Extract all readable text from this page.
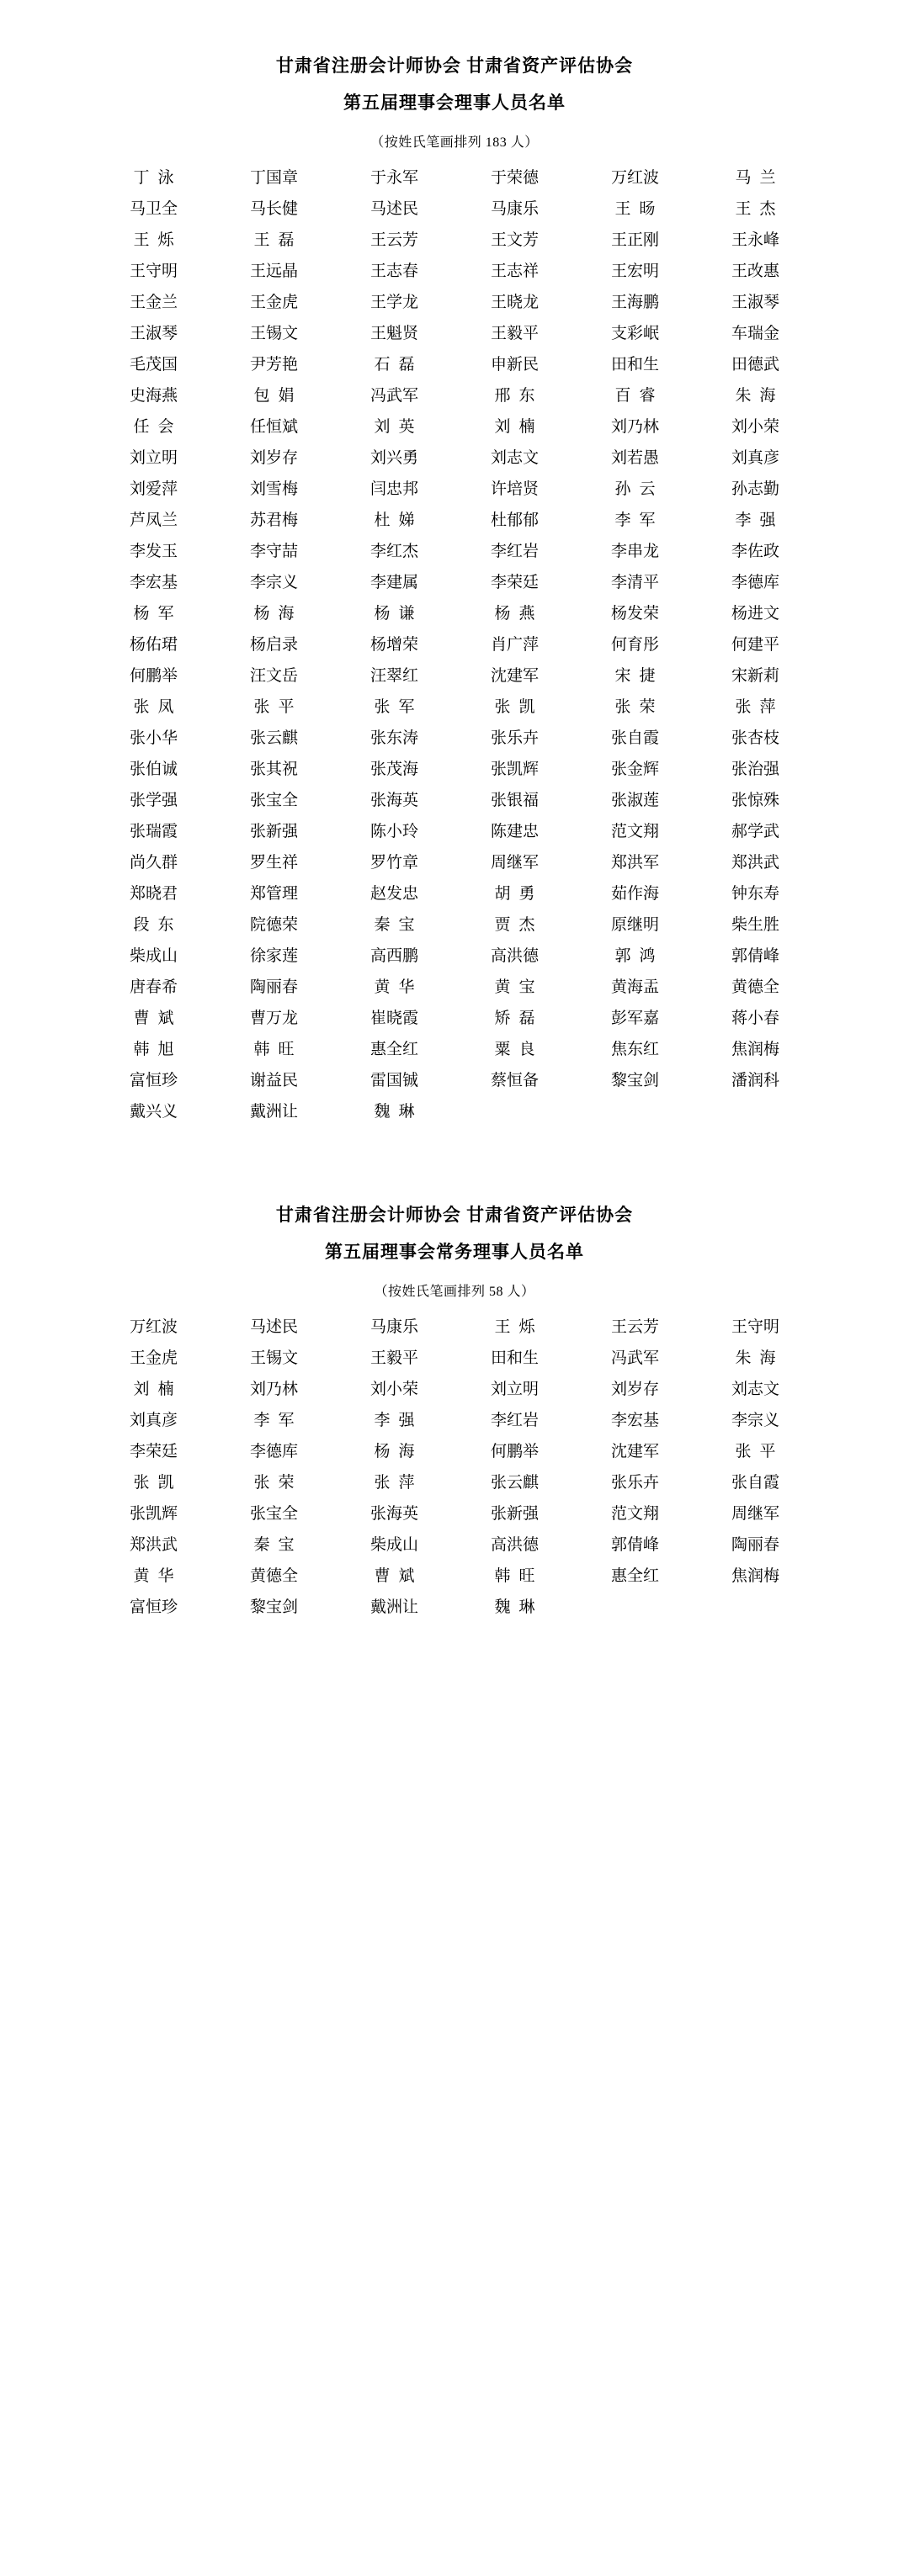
甘肃省注册会计师协会 甘肃省资产评估协会
第五届理事会理事人员名单
（按姓氏笔画排列 183 人）
丁泳	丁国章	于永军	于荣德	万红波	马兰
马卫全	马长健	马述民	马康乐	王旸	王杰
王烁	王磊	王云芳	王文芳	王正刚	王永峰
王守明	王远晶	王志春	王志祥	王宏明	王改惠
王金兰	王金虎	王学龙	王晓龙	王海鹏	王淑琴
王淑琴	王锡文	王魁贤	王毅平	支彩岷	车瑞金
毛茂国	尹芳艳	石磊	申新民	田和生	田德武
史海燕	包娟	冯武军	邢东	百睿	朱海
任会	任恒斌	刘英	刘楠	刘乃林	刘小荣
刘立明	刘岁存	刘兴勇	刘志文	刘若愚	刘真彦
刘爱萍	刘雪梅	闫忠邦	许培贤	孙云	孙志勤
芦凤兰	苏君梅	杜娣	杜郁郁	李军	李强
李发玉	李守喆	李红杰	李红岩	李串龙	李佐政
李宏基	李宗义	李建属	李荣廷	李清平	李德库
杨军	杨海	杨谦	杨燕	杨发荣	杨进文
杨佑珺	杨启录	杨增荣	肖广萍	何育彤	何建平
何鹏举	汪文岳	汪翠红	沈建军	宋捷	宋新莉
张凤	张平	张军	张凯	张荣	张萍
张小华	张云麒	张东涛	张乐卉	张自霞	张杏枝
张伯诚	张其祝	张茂海	张凯辉	张金辉	张治强
张学强	张宝全	张海英	张银福	张淑莲	张惊殊
张瑞霞	张新强	陈小玲	陈建忠	范文翔	郝学武
尚久群	罗生祥	罗竹章	周继军	郑洪军	郑洪武
郑晓君	郑管理	赵发忠	胡勇	茹作海	钟东寿
段东	院德荣	秦宝	贾杰	原继明	柴生胜
柴成山	徐家莲	高西鹏	高洪德	郭鸿	郭倩峰
唐春希	陶丽春	黄华	黄宝	黄海盂	黄德全
曹斌	曹万龙	崔晓霞	矫磊	彭军嘉	蒋小春
韩旭	韩旺	惠全红	粟良	焦东红	焦润梅
富恒珍	谢益民	雷国铖	蔡恒备	黎宝剑	潘润科
戴兴义	戴洲让	魏琳
甘肃省注册会计师协会 甘肃省资产评估协会
第五届理事会常务理事人员名单
（按姓氏笔画排列 58 人）
万红波	马述民	马康乐	王烁	王云芳	王守明
王金虎	王锡文	王毅平	田和生	冯武军	朱海
刘楠	刘乃林	刘小荣	刘立明	刘岁存	刘志文
刘真彦	李军	李强	李红岩	李宏基	李宗义
李荣廷	李德库	杨海	何鹏举	沈建军	张平
张凯	张荣	张萍	张云麒	张乐卉	张自霞
张凯辉	张宝全	张海英	张新强	范文翔	周继军
郑洪武	秦宝	柴成山	高洪德	郭倩峰	陶丽春
黄华	黄德全	曹斌	韩旺	惠全红	焦润梅
富恒珍	黎宝剑	戴洲让	魏琳
